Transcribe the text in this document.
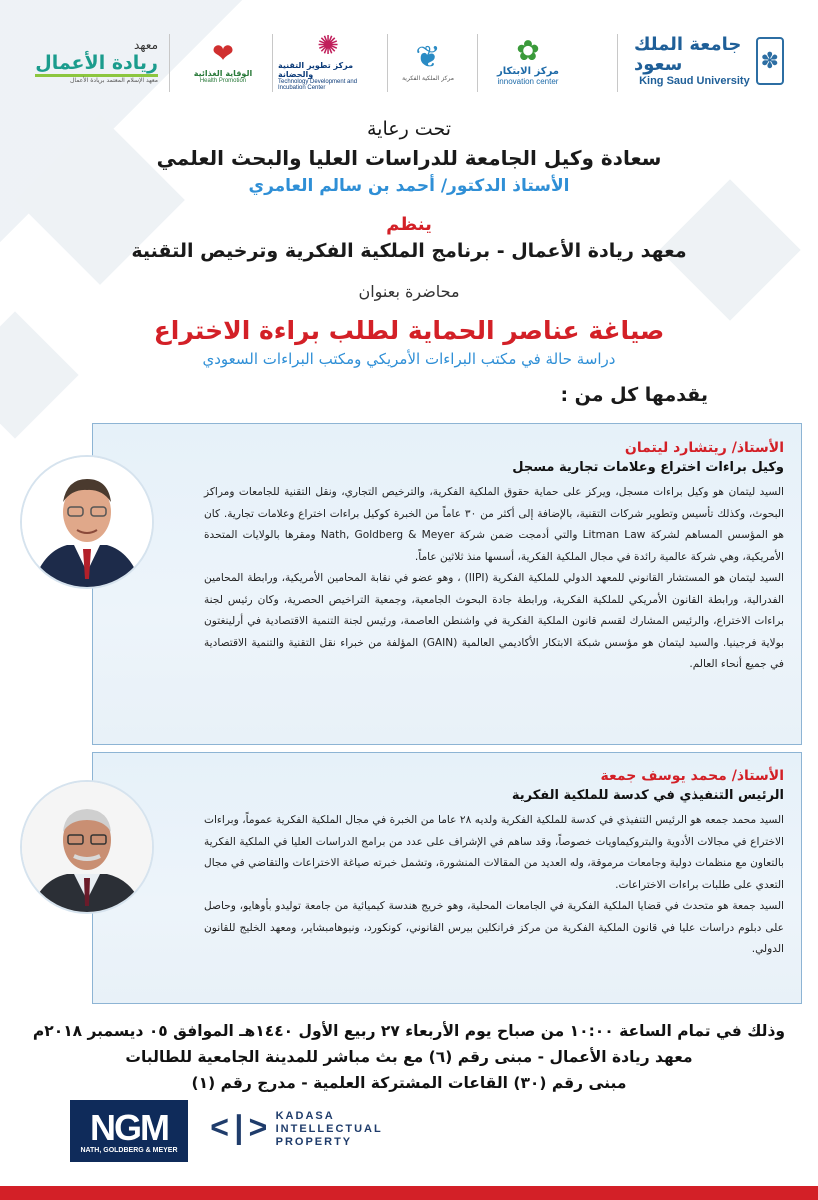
جامعة الملك سعود
King Saud University
✽
✿
مركز الابتكار
innovation center
❦
مركز الملكية الفكرية
✺
مركز تطوير التقنية والحضانة
Technology Development and Incubation Center
❤
الوقاية الغذائية
Health Promotion
معهد
ريادة الأعمال
معهد الإسلام المعتمد بريادة الأعمال
تحت رعاية
سعادة وكيل الجامعة للدراسات العليا والبحث العلمي
الأستاذ الدكتور/ أحمد بن سالم العامري
ينظم
معهد ريادة الأعمال - برنامج الملكية الفكرية وترخيص التقنية
محاضرة بعنوان
صياغة عناصر الحماية لطلب براءة الاختراع
دراسة حالة في مكتب البراءات الأمريكي ومكتب البراءات السعودي
يقدمها كل من :
الأستاذ/ ريتشارد ليتمان
وكيل براءات اختراع وعلامات تجارية مسجل

السيد ليتمان هو وكيل براءات مسجل، ويركز على حماية حقوق الملكية الفكرية، والترخيص التجاري، ونقل التقنية للجامعات ومراكز البحوث، وكذلك تأسيس وتطوير شركات التقنية، بالإضافة إلى أكثر من ٣٠ عاماً من الخبرة كوكيل براءات اختراع وعلامات تجارية. كان هو المؤسس المساهم لشركة Litman Law والتي أدمجت ضمن شركة Nath, Goldberg & Meyer ومقرها بالولايات المتحدة الأمريكية، وهي شركة عالمية رائدة في مجال الملكية الفكرية، أسسها منذ ثلاثين عاماً.

السيد ليتمان هو المستشار القانوني للمعهد الدولي للملكية الفكرية (IIPI) ، وهو عضو في نقابة المحامين الأمريكية، ورابطة المحامين الفدرالية، ورابطة القانون الأمريكي للملكية الفكرية، ورابطة جادة البحوث الجامعية، وجمعية التراخيص الحصرية، وكان رئيس لجنة براءات الاختراع، والرئيس المشارك لقسم قانون الملكية الفكرية في واشنطن العاصمة، ورئيس لجنة التنمية الاقتصادية في أرلينغتون بولاية فرجينيا. والسيد ليتمان هو مؤسس شبكة الابتكار الأكاديمي العالمية (GAIN) المؤلفة من خبراء نقل التقنية والتنمية الاقتصادية في جميع أنحاء العالم.

الأستاذ/ محمد يوسف جمعة
الرئيس التنفيذي في كدسة للملكية الفكرية

السيد محمد جمعه هو الرئيس التنفيذي في كدسة للملكية الفكرية ولديه ٢٨ عاما من الخبرة في مجال الملكية الفكرية عموماً، وبراءات الاختراع في مجالات الأدوية والبتروكيماويات خصوصاً، وقد ساهم في الإشراف على عدد من برامج الدراسات العليا في الملكية الفكرية بالتعاون مع منظمات دولية وجامعات مرموقة، وله العديد من المقالات المنشورة، وتشمل خبرته صياغة الاختراعات والتقاضي في مجال التعدي على طلبات براءات الاختراعات.

السيد جمعة هو متحدث في قضايا الملكية الفكرية في الجامعات المحلية، وهو خريج هندسة كيميائية من جامعة توليدو بأوهايو، وحاصل على دبلوم دراسات عليا في قانون الملكية الفكرية من مركز فرانكلين بيرس القانوني، كونكورد، ونيوهامبشاير، ومعهد الخليج للقانون الدولي.

وذلك في تمام الساعة ١٠:٠٠ من صباح يوم الأربعاء ٢٧ ربيع الأول ١٤٤٠هـ الموافق ٠٥ ديسمبر ٢٠١٨م
معهد ريادة الأعمال - مبنى رقم (٦) مع بث مباشر للمدينة الجامعية للطالبات
مبنى رقم (٣٠) القاعات المشتركة العلمية - مدرج رقم (١)
NGM
NATH, GOLDBERG & MEYER
<|> KADASA
INTELLECTUAL
PROPERTY
